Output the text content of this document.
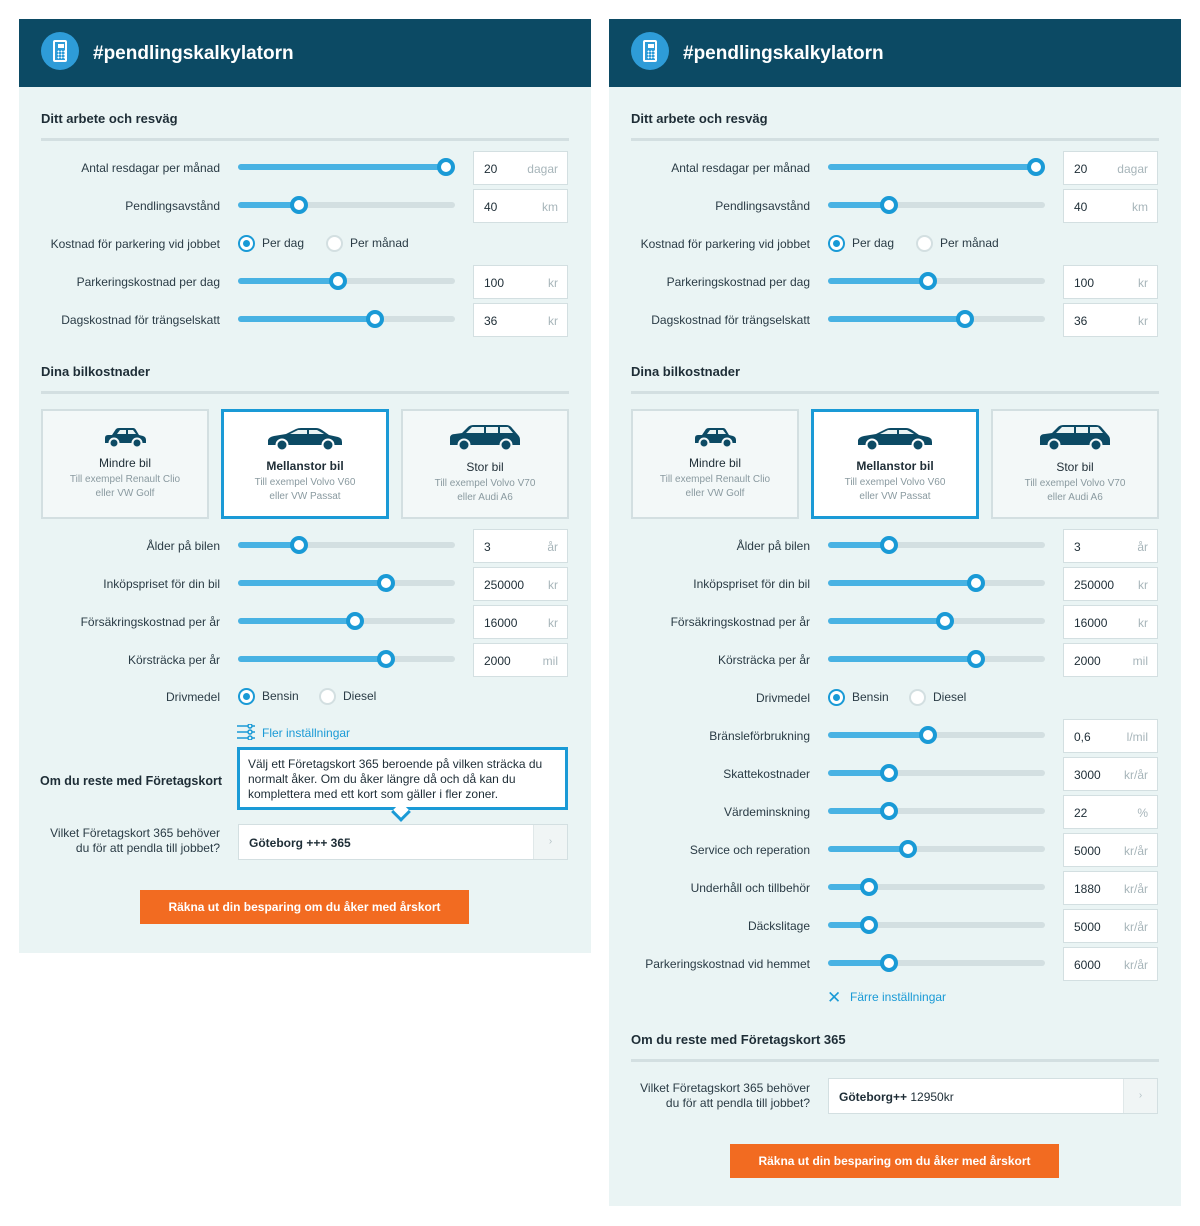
#pendlingskalkylatorn
Ditt arbete och resväg
Antal resdagar per månad	20 dagar
Pendlingsavstånd	40	km
Kostnad för parkering vid jobbet	Per dag	Per månad
Parkeringskostnad per dag	100	kr
Dagskostnad för trängselskatt	36	kr
Dina bilkostnader
Mindre bil
Till exempel Renault Clio
eller VW Golf
Mellanstor bil
Till exempel Volvo V60
eller VW Passat
Stor bil
Till exempel Volvo V70
eller Audi A6
Ålder på bilen	3	år
Inköpspriset för din bil	250000 kr
Försäkringskostnad per år	16000	kr
Körsträcka per år	2000	mil
Drivmedel	Bensin	Diesel
Fler inställningar
Om du reste med Företagskort
Välj ett Företagskort 365 beroende på vilken sträcka du normalt åker. Om du åker längre då och då kan du komplettera med ett kort som gäller i fler zoner.
Vilket Företagskort 365 behöver
du för att pendla till jobbet? Göteborg +++ 365	›
Räkna ut din besparing om du åker med årskort
#pendlingskalkylatorn
Ditt arbete och resväg
Antal resdagar per månad	20 dagar
Pendlingsavstånd	40	km
Kostnad för parkering vid jobbet	Per dag	Per månad
Parkeringskostnad per dag	100	kr
Dagskostnad för trängselskatt	36	kr
Dina bilkostnader
Mindre bil
Till exempel Renault Clio
eller VW Golf
Mellanstor bil
Till exempel Volvo V60
eller VW Passat
Stor bil
Till exempel Volvo V70
eller Audi A6
Ålder på bilen	3	år
Inköpspriset för din bil	250000 kr
Försäkringskostnad per år	16000	kr
Körsträcka per år	2000	mil
Drivmedel	Bensin	Diesel
Bränsleförbrukning	0,6	l/mil
Skattekostnader	3000 kr/år
Värdeminskning	22	%
Service och reperation	5000 kr/år
Underhåll och tillbehör	1880 kr/år
Däckslitage	5000 kr/år
Parkeringskostnad vid hemmet	6000 kr/år
✕ Färre inställningar
Om du reste med Företagskort 365
Vilket Företagskort 365 behöver
du för att pendla till jobbet? Göteborg++ 12950kr	›
Räkna ut din besparing om du åker med årskort
